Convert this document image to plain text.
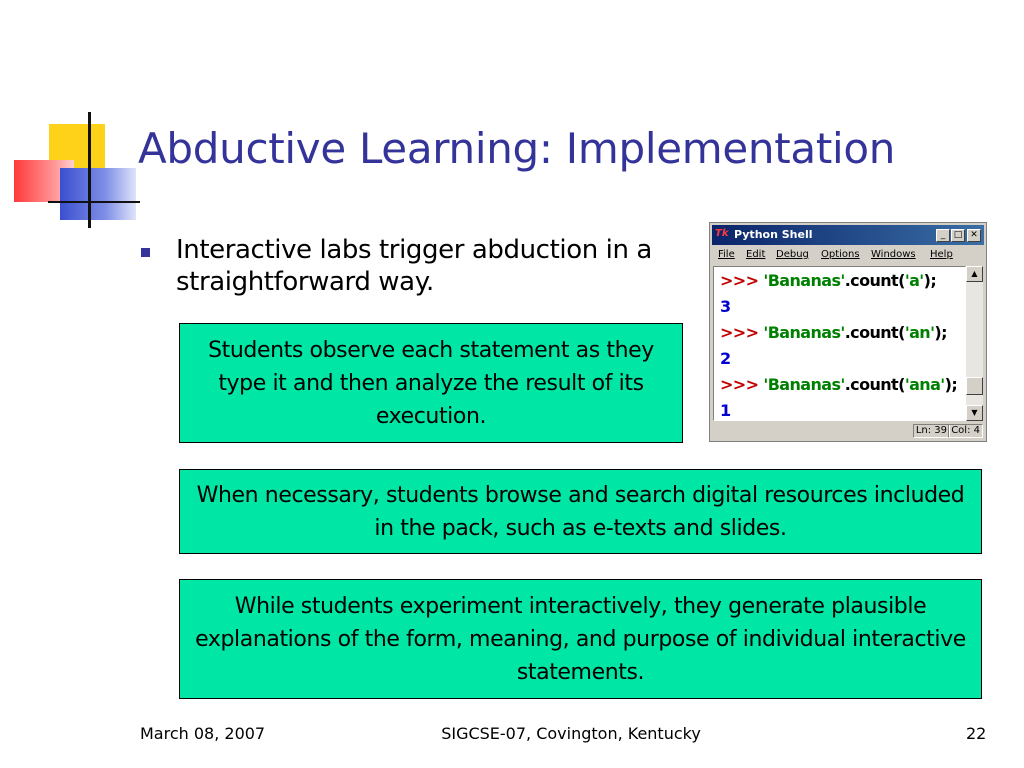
Abductive Learning: Implementation
Interactive labs trigger abduction in a straightforward way.
Students observe each statement as they type it and then analyze the result of its execution.
When necessary, students browse and search digital resources included in the pack, such as e-texts and slides.
While students experiment interactively, they generate plausible explanations of the form, meaning, and purpose of individual interactive statements.
Tk Python Shell	_ □ ✕
File Edit Debug Options Windows Help
>>> 'Bananas'.count('a');
3
>>> 'Bananas'.count('an');
2
>>> 'Bananas'.count('ana');
1
▲
▼
Ln: 39 Col: 4
March 08, 2007	SIGCSE-07, Covington, Kentucky	22
